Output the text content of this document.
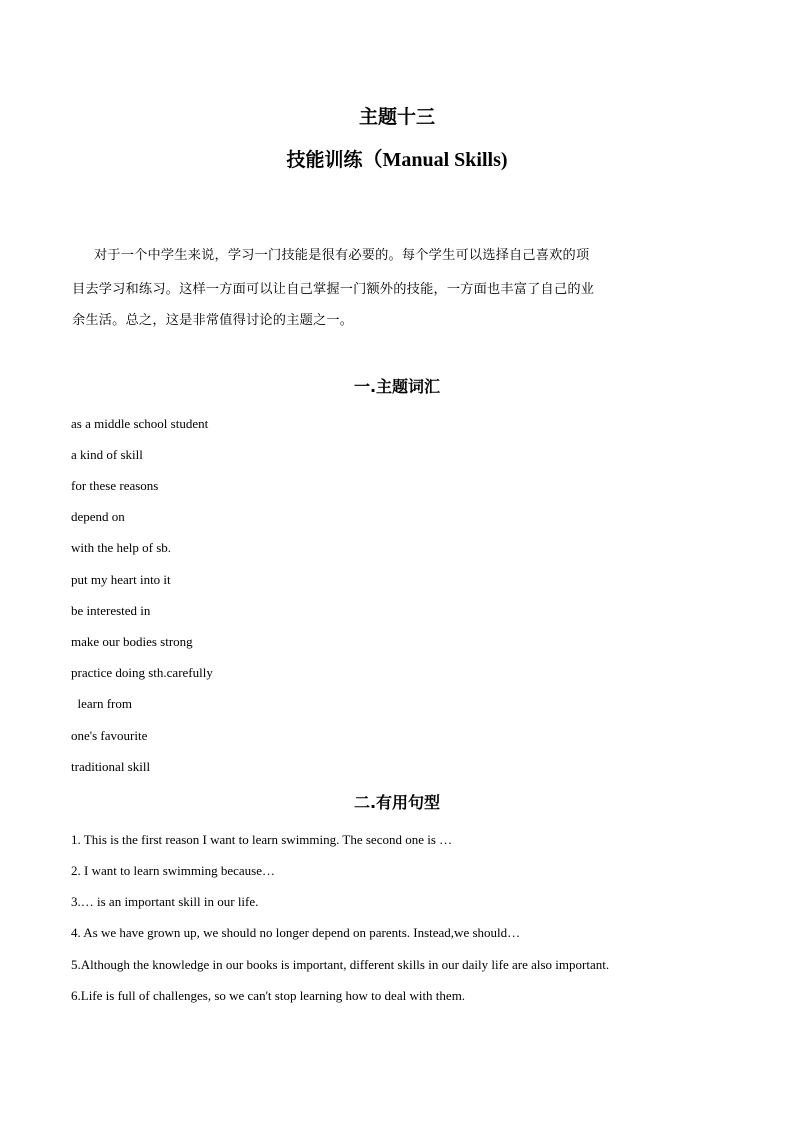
主题十三
技能训练（Manual Skills)
对于一个中学生来说，学习一门技能是很有必要的。每个学生可以选择自己喜欢的项
目去学习和练习。这样一方面可以让自己掌握一门额外的技能，一方面也丰富了自己的业
余生活。总之，这是非常值得讨论的主题之一。
一.主题词汇
as a middle school student
a kind of skill
for these reasons
depend on
with the help of sb.
put my heart into it
be interested in
make our bodies strong
practice doing sth.carefully
learn from
one's favourite
traditional skill
二.有用句型
1. This is the first reason I want to learn swimming. The second one is …
2. I want to learn swimming because…
3.… is an important skill in our life.
4. As we have grown up, we should no longer depend on parents. Instead,we should…
5.Although the knowledge in our books is important, different skills in our daily life are also important.
6.Life is full of challenges, so we can't stop learning how to deal with them.
